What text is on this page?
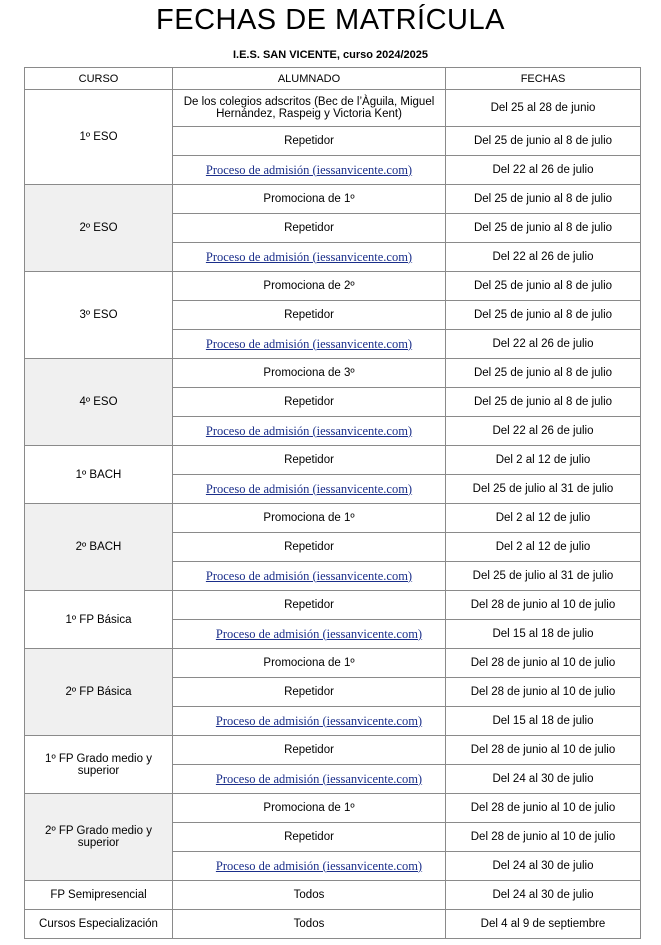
FECHAS DE MATRÍCULA
I.E.S. SAN VICENTE, curso 2024/2025
CURSO	ALUMNADO	FECHAS
1º ESO	De los colegios adscritos (Bec de l’Àguila, Miguel Hernández, Raspeig y Victoria Kent)	Del 25 al 28 de junio
	Repetidor	Del 25 de junio al 8 de julio
	Proceso de admisión (iessanvicente.com)	Del 22 al 26 de julio
2º ESO	Promociona de 1º	Del 25 de junio al 8 de julio
	Repetidor	Del 25 de junio al 8 de julio
	Proceso de admisión (iessanvicente.com)	Del 22 al 26 de julio
3º ESO	Promociona de 2º	Del 25 de junio al 8 de julio
	Repetidor	Del 25 de junio al 8 de julio
	Proceso de admisión (iessanvicente.com)	Del 22 al 26 de julio
4º ESO	Promociona de 3º	Del 25 de junio al 8 de julio
	Repetidor	Del 25 de junio al 8 de julio
	Proceso de admisión (iessanvicente.com)	Del 22 al 26 de julio
1º BACH	Repetidor	Del 2 al 12 de julio
	Proceso de admisión (iessanvicente.com)	Del 25 de julio al 31 de julio
2º BACH	Promociona de 1º	Del 2 al 12 de julio
	Repetidor	Del 2 al 12 de julio
	Proceso de admisión (iessanvicente.com)	Del 25 de julio al 31 de julio
1º FP Básica	Repetidor	Del 28 de junio al 10 de julio
	Proceso de admisión (iessanvicente.com)	Del 15 al 18 de julio
2º FP Básica	Promociona de 1º	Del 28 de junio al 10 de julio
	Repetidor	Del 28 de junio al 10 de julio
	Proceso de admisión (iessanvicente.com)	Del 15 al 18 de julio
1º FP Grado medio y superior	Repetidor	Del 28 de junio al 10 de julio
	Proceso de admisión (iessanvicente.com)	Del 24 al 30 de julio
2º FP Grado medio y superior	Promociona de 1º	Del 28 de junio al 10 de julio
	Repetidor	Del 28 de junio al 10 de julio
	Proceso de admisión (iessanvicente.com)	Del 24 al 30 de julio
FP Semipresencial	Todos	Del 24 al 30 de julio
Cursos Especialización	Todos	Del 4 al 9 de septiembre
